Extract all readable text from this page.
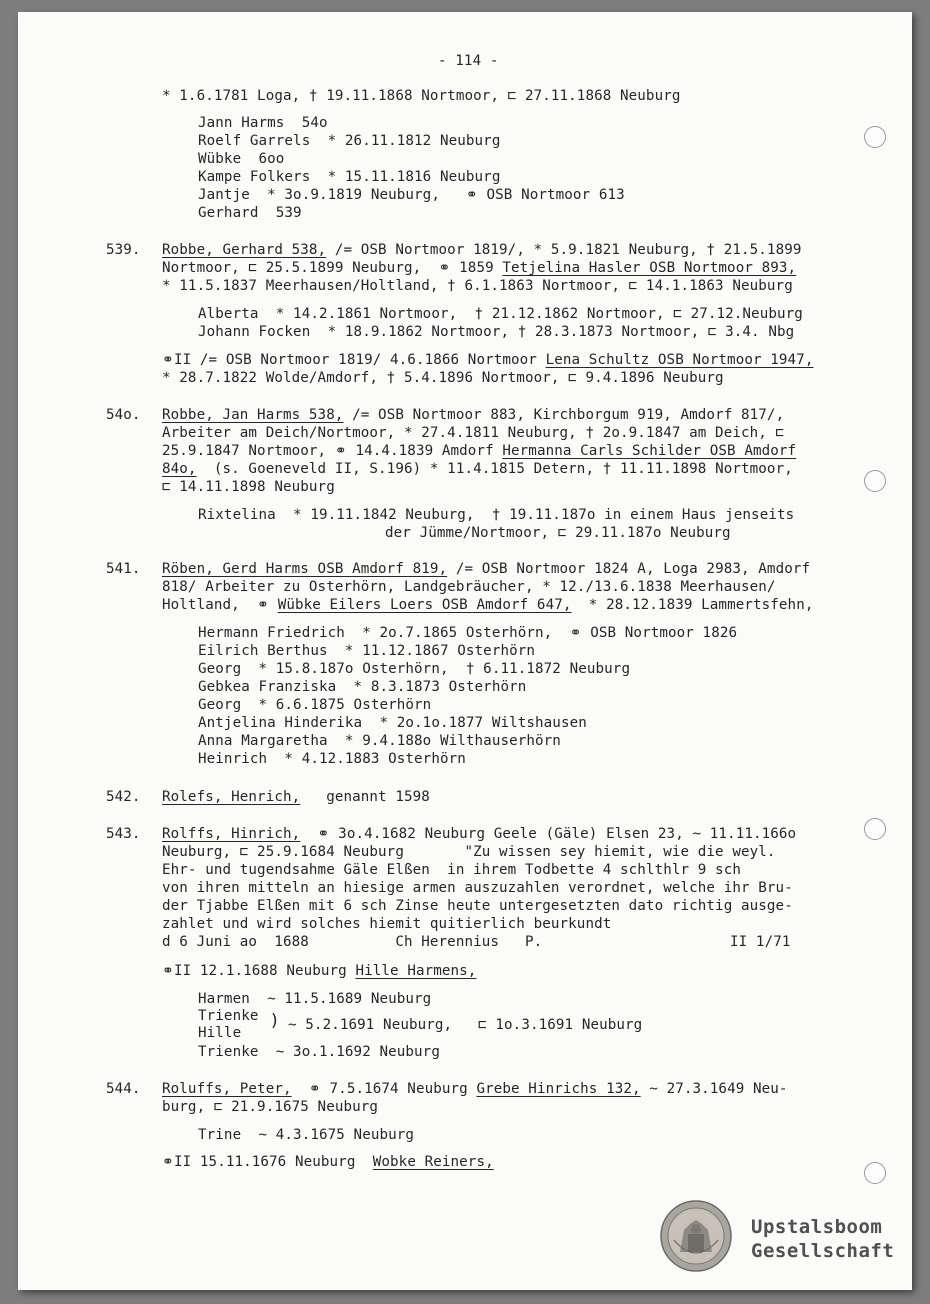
- 114 -
* 1.6.1781 Loga, † 19.11.1868 Nortmoor, ⊏ 27.11.1868 Neuburg
Jann Harms  54o
Roelf Garrels  * 26.11.1812 Neuburg
Wübke  6oo
Kampe Folkers  * 15.11.1816 Neuburg
Jantje  * 3o.9.1819 Neuburg,   ⚭ OSB Nortmoor 613
Gerhard  539
539. Robbe, Gerhard 538, /= OSB Nortmoor 1819/, * 5.9.1821 Neuburg, † 21.5.1899
Nortmoor, ⊏ 25.5.1899 Neuburg,  ⚭ 1859 Tetjelina Hasler OSB Nortmoor 893,
* 11.5.1837 Meerhausen/Holtland, † 6.1.1863 Nortmoor, ⊏ 14.1.1863 Neuburg
Alberta  * 14.2.1861 Nortmoor,  † 21.12.1862 Nortmoor, ⊏ 27.12.Neuburg
Johann Focken  * 18.9.1862 Nortmoor, † 28.3.1873 Nortmoor, ⊏ 3.4. Nbg
⚭II /= OSB Nortmoor 1819/ 4.6.1866 Nortmoor Lena Schultz OSB Nortmoor 1947,
* 28.7.1822 Wolde/Amdorf, † 5.4.1896 Nortmoor, ⊏ 9.4.1896 Neuburg
54o. Robbe, Jan Harms 538, /= OSB Nortmoor 883, Kirchborgum 919, Amdorf 817/,
Arbeiter am Deich/Nortmoor, * 27.4.1811 Neuburg, † 2o.9.1847 am Deich, ⊏
25.9.1847 Nortmoor, ⚭ 14.4.1839 Amdorf Hermanna Carls Schilder OSB Amdorf
84o,  (s. Goeneveld II, S.196) * 11.4.1815 Detern, † 11.11.1898 Nortmoor,
⊏ 14.11.1898 Neuburg
Rixtelina  * 19.11.1842 Neuburg,  † 19.11.187o in einem Haus jenseits
der Jümme/Nortmoor, ⊏ 29.11.187o Neuburg
541. Röben, Gerd Harms OSB Amdorf 819, /= OSB Nortmoor 1824 A, Loga 2983, Amdorf
818/ Arbeiter zu Osterhörn, Landgebräucher, * 12./13.6.1838 Meerhausen/
Holtland,  ⚭ Wübke Eilers Loers OSB Amdorf 647,  * 28.12.1839 Lammertsfehn,
Hermann Friedrich  * 2o.7.1865 Osterhörn,  ⚭ OSB Nortmoor 1826
Eilrich Berthus  * 11.12.1867 Osterhörn
Georg  * 15.8.187o Osterhörn,  † 6.11.1872 Neuburg
Gebkea Franziska  * 8.3.1873 Osterhörn
Georg  * 6.6.1875 Osterhörn
Antjelina Hinderika  * 2o.1o.1877 Wiltshausen
Anna Margaretha  * 9.4.188o Wilthauserhörn
Heinrich  * 4.12.1883 Osterhörn
542. Rolefs, Henrich,   genannt 1598
543. Rolffs, Hinrich,  ⚭ 3o.4.1682 Neuburg Geele (Gäle) Elsen 23, ~ 11.11.166o
Neuburg, ⊏ 25.9.1684 Neuburg       "Zu wissen sey hiemit, wie die weyl.
Ehr- und tugendsahme Gäle Elßen  in ihrem Todbette 4 schlthlr 9 sch
von ihren mitteln an hiesige armen auszuzahlen verordnet, welche ihr Bru-
der Tjabbe Elßen mit 6 sch Zinse heute untergesetzten dato richtig ausge-
zahlet und wird solches hiemit quitierlich beurkundt
d 6 Juni ao  1688          Ch Herennius   P.	II 1/71
⚭II 12.1.1688 Neuburg Hille Harmens,
Harmen  ~ 11.5.1689 Neuburg
Trienke
Hille
) ~ 5.2.1691 Neuburg,   ⊏ 1o.3.1691 Neuburg
Trienke  ~ 3o.1.1692 Neuburg
544. Roluffs, Peter,  ⚭ 7.5.1674 Neuburg Grebe Hinrichs 132, ~ 27.3.1649 Neu-
burg, ⊏ 21.9.1675 Neuburg
Trine  ~ 4.3.1675 Neuburg
⚭II 15.11.1676 Neuburg  Wobke Reiners,
Upstalsboom
Gesellschaft
